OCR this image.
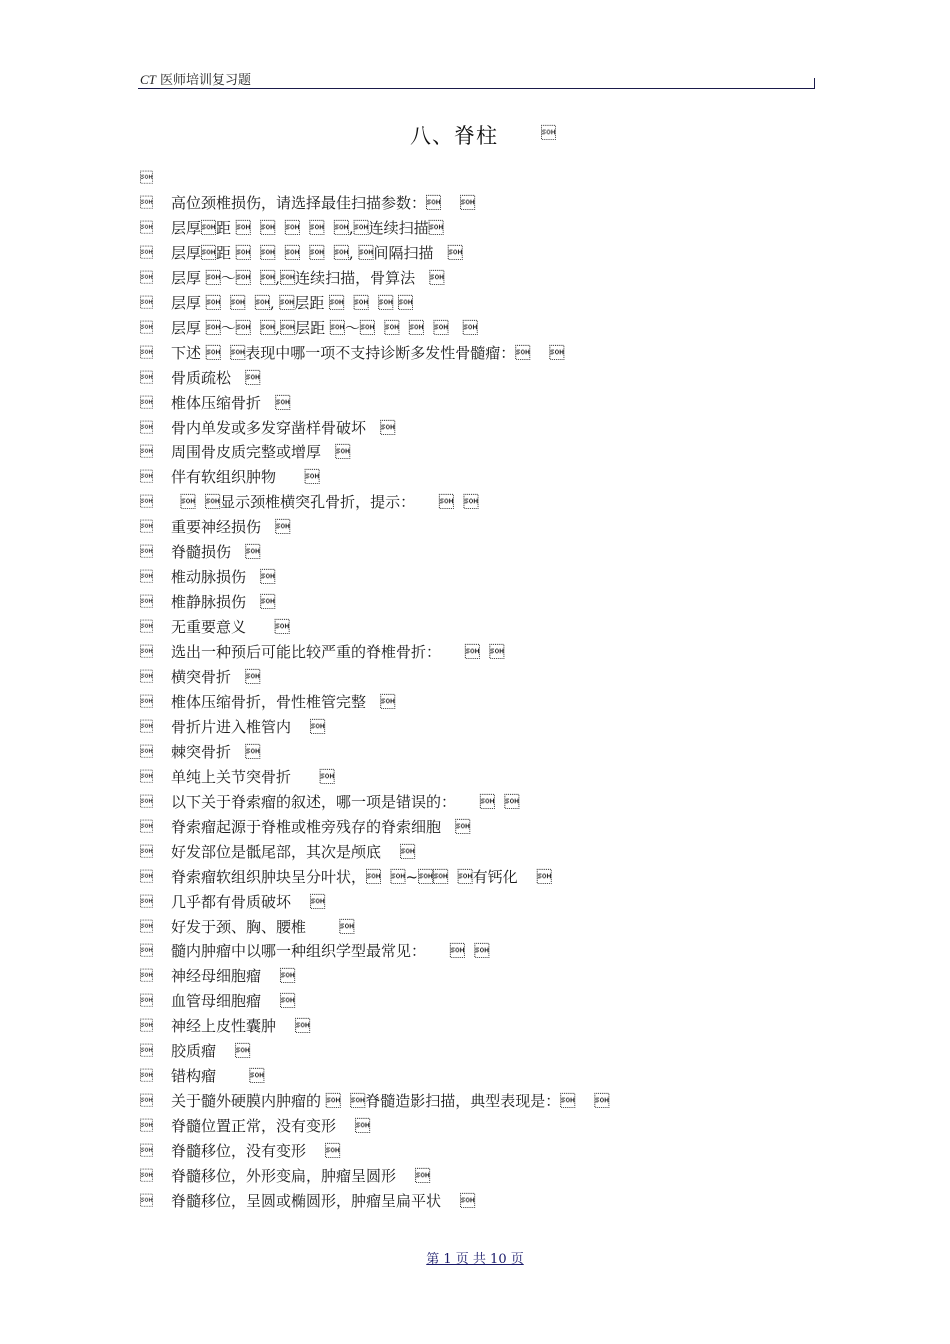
CT 医师培训复习题
八、脊柱	

 高位颈椎损伤，请选择最佳扫描参数：    
 层厚距         ,连续扫描
 层厚距         , 间隔扫描   
 层厚 ～  ,连续扫描，骨算法   
 层厚     , 层距      
 层厚 ～  ,层距 ～         
 下述   表现中哪一项不支持诊断多发性骨髓瘤：    
 骨质疏松   
 椎体压缩骨折   
 骨内单发或多发穿凿样骨破坏   
 周围骨皮质完整或增厚   
 伴有软组织肿物      
   显示颈椎横突孔骨折，提示：       
 重要神经损伤   
 脊髓损伤   
 椎动脉损伤   
 椎静脉损伤   
 无重要意义      
 选出一种预后可能比较严重的脊椎骨折：       
 横突骨折   
 椎体压缩骨折，骨性椎管完整   
 骨折片进入椎管内    
 棘突骨折   
 单纯上关节突骨折      
 以下关于脊索瘤的叙述，哪一项是错误的：       
 脊索瘤起源于脊椎或椎旁残存的脊索细胞   
 好发部位是骶尾部，其次是颅底    
 脊索瘤软组织肿块呈分叶状，  ~  有钙化    
 几乎都有骨质破坏    
 好发于颈、胸、腰椎       
 髓内肿瘤中以哪一种组织学型最常见：       
 神经母细胞瘤    
 血管母细胞瘤    
 神经上皮性囊肿    
 胶质瘤    
 错构瘤       
 关于髓外硬膜内肿瘤的   脊髓造影扫描，典型表现是：    
 脊髓位置正常，没有变形    
 脊髓移位，没有变形    
 脊髓移位，外形变扁，肿瘤呈圆形    
 脊髓移位，呈圆或椭圆形，肿瘤呈扁平状    
第 1 页 共 10 页
